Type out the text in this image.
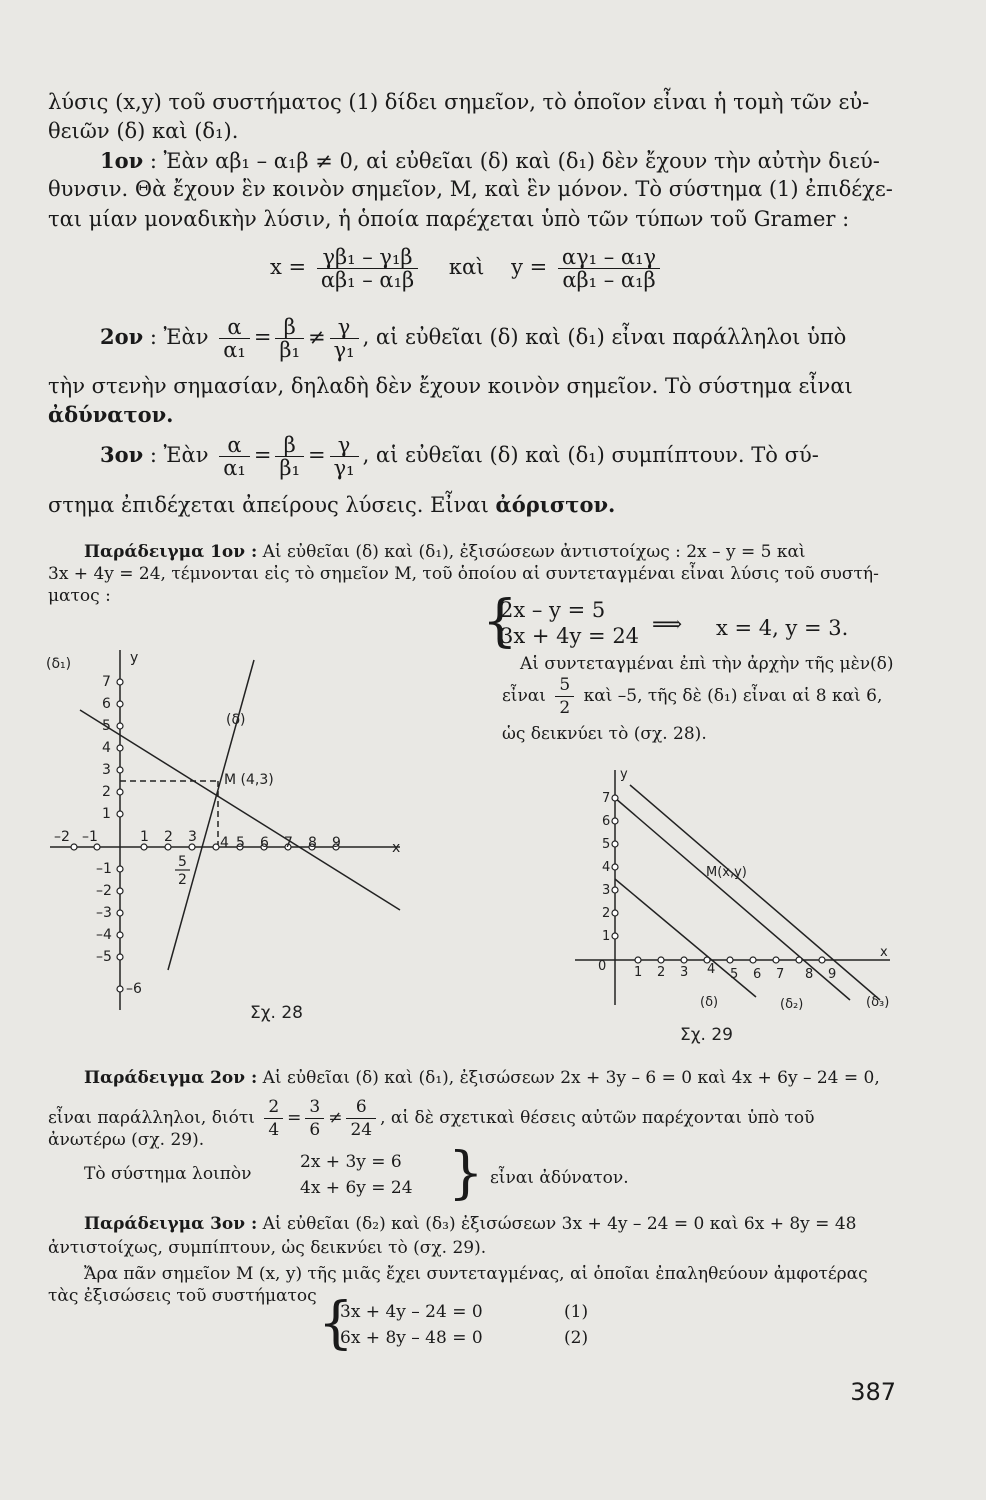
λύσις (x,y) τοῦ συστήματος (1) δίδει σημεῖον, τὸ ὁποῖον εἶναι ἡ τομὴ τῶν εὐ-
θειῶν (δ) καὶ (δ₁).
1ον : Ἐὰν αβ₁ – α₁β ≠ 0, αἱ εὐθεῖαι (δ) καὶ (δ₁) δὲν ἔχουν τὴν αὐτὴν διεύ-
θυνσιν. Θὰ ἔχουν ἓν κοινὸν σημεῖον, Μ, καὶ ἓν μόνον. Τὸ σύστημα (1) ἐπιδέχε-
ται μίαν μοναδικὴν λύσιν, ἡ ὁποία παρέχεται ὑπὸ τῶν τύπων τοῦ Gramer :
$x = \frac{\text{γβ₁ – γ₁β}}{\text{αβ₁ – α₁β}}$ καὶ $y = \frac{\text{αγ₁ – α₁γ}}{\text{αβ₁ – α₁β}}$
2ον : Ἐὰν $\frac{\alpha}{\text{α₁}} = \frac{\beta}{\text{β₁}} \ne \frac{\gamma}{\text{γ₁}}$ , αἱ εὐθεῖαι (δ) καὶ (δ₁) εἶναι παράλληλοι ὑπὸ
τὴν στενὴν σημασίαν, δηλαδὴ δὲν ἔχουν κοινὸν σημεῖον. Τὸ σύστημα εἶναι
ἀδύνατον.
3ον : Ἐὰν $\frac{\alpha}{\text{α₁}} = \frac{\beta}{\text{β₁}} = \frac{\gamma}{\text{γ₁}}$ , αἱ εὐθεῖαι (δ) καὶ (δ₁) συμπίπτουν. Τὸ σύ-
στημα ἐπιδέχεται ἀπείρους λύσεις. Εἶναι ἀόριστον.
Παράδειγμα 1ον : Αἱ εὐθεῖαι (δ) καὶ (δ₁), ἐξισώσεων ἀντιστοίχως : 2x – y = 5 καὶ
3x + 4y = 24, τέμνονται εἰς τὸ σημεῖον Μ, τοῦ ὁποίου αἱ συντεταγμέναι εἶναι λύσις τοῦ συστή-
ματος :	{
2x – y = 5
3x + 4y = 24 ⟹ x = 4, y = 3.
Αἱ συντεταγμέναι ἐπὶ τὴν ἀρχὴν τῆς μὲν(δ)
εἶναι $\frac{5}{2}$ καὶ –5, τῆς δὲ (δ₁) εἶναι αἱ 8 καὶ 6,
ὡς δεικνύει τὸ (σχ. 28).
y
x
(δ₁)
(δ)
Μ (4,3)
7
6
5
4
3
2
1
–1
–2
–3
–4
–5
–6
–2 –1	1 2 3 4 5 6 7 8 9
5
2
Σχ. 28
y
x
0
Μ(x,y)
7
6
5
4
3
2
1
1 2 3 4 5 6 7 8 9
(δ)	(δ₂)	(δ₃)
Σχ. 29
Παράδειγμα 2ον : Αἱ εὐθεῖαι (δ) καὶ (δ₁), ἐξισώσεων 2x + 3y – 6 = 0 καὶ 4x + 6y – 24 = 0,
εἶναι παράλληλοι, διότι $\frac{2}{4} = \frac{3}{6} \ne \frac{6}{24}$ , αἱ δὲ σχετικαὶ θέσεις αὐτῶν παρέχονται ὑπὸ τοῦ
ἀνωτέρω (σχ. 29).
Τὸ σύστημα λοιπὸν
2x + 3y = 6
4x + 6y = 24 } εἶναι ἀδύνατον.
Παράδειγμα 3ον : Αἱ εὐθεῖαι (δ₂) καὶ (δ₃) ἐξισώσεων 3x + 4y – 24 = 0 καὶ 6x + 8y = 48
ἀντιστοίχως, συμπίπτουν, ὡς δεικνύει τὸ (σχ. 29).
Ἄρα πᾶν σημεῖον Μ (x, y) τῆς μιᾶς ἔχει συντεταγμένας, αἱ ὁποῖαι ἐπαληθεύουν ἀμφοτέρας
τὰς ἐξισώσεις τοῦ συστήματος {
3x + 4y – 24 = 0	(1)
6x + 8y – 48 = 0	(2)
387
